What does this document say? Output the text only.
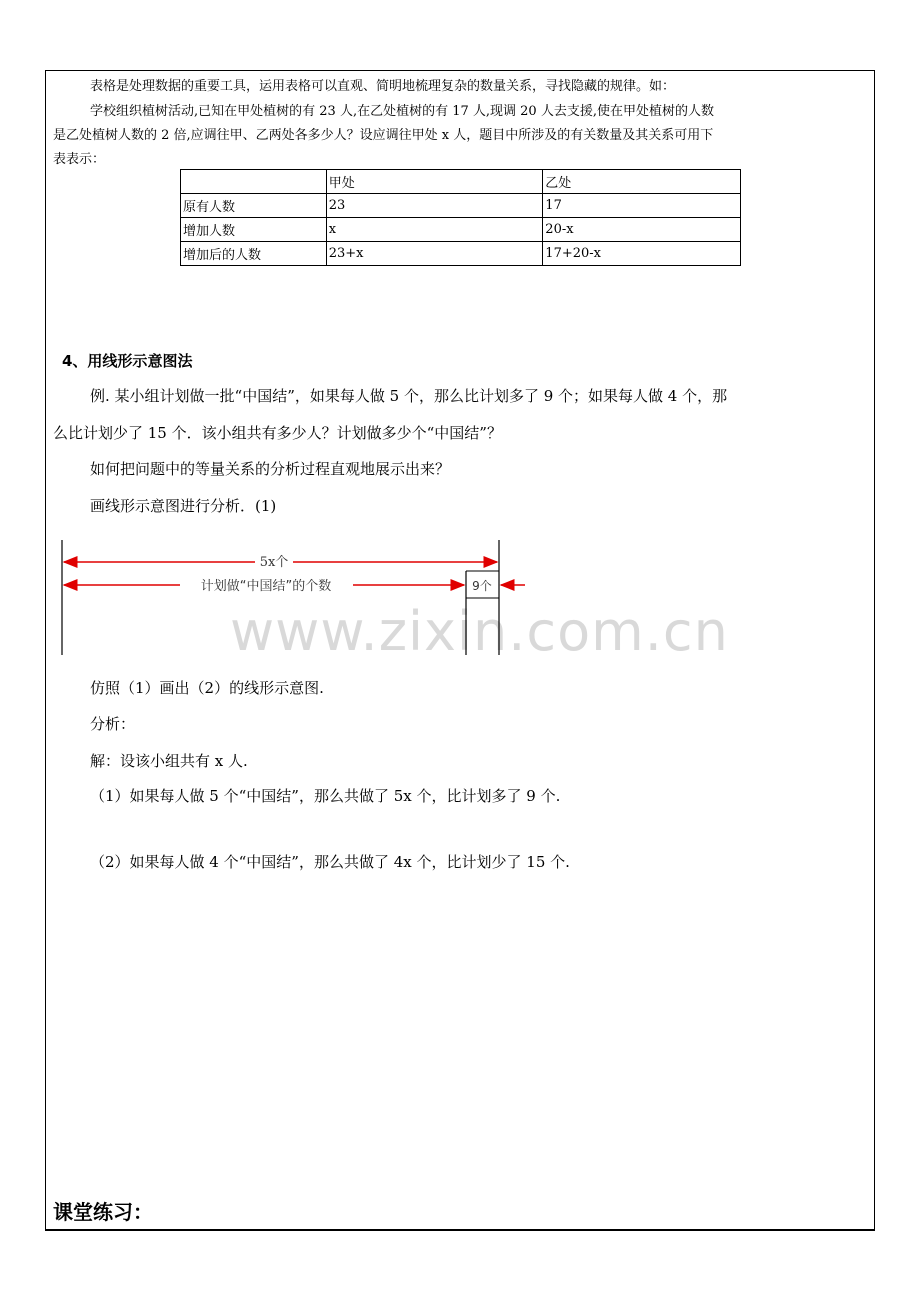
表格是处理数据的重要工具，运用表格可以直观、简明地梳理复杂的数量关系，寻找隐藏的规律。如：
学校组织植树活动,已知在甲处植树的有 23 人,在乙处植树的有 17 人,现调 20 人去支援,使在甲处植树的人数
是乙处植树人数的 2 倍,应调往甲、乙两处各多少人？设应调往甲处 x 人，题目中所涉及的有关数量及其关系可用下
表表示：
	甲处	乙处
原有人数	23	17
增加人数	x	20-x
增加后的人数	23+x	17+20-x
4、用线形示意图法
例. 某小组计划做一批“中国结”，如果每人做 5 个，那么比计划多了 9 个；如果每人做 4 个，那
么比计划少了 15 个．该小组共有多少人？计划做多少个“中国结”？
如何把问题中的等量关系的分析过程直观地展示出来？
画线形示意图进行分析．(1)
www.zixin.com.cn
5x个
计划做“中国结”的个数	9个
仿照（1）画出（2）的线形示意图.
分析：
解：设该小组共有 x 人.
（1）如果每人做 5 个“中国结”，那么共做了 5x 个，比计划多了 9 个.
（2）如果每人做 4 个“中国结”，那么共做了 4x 个，比计划少了 15 个.
课堂练习：
